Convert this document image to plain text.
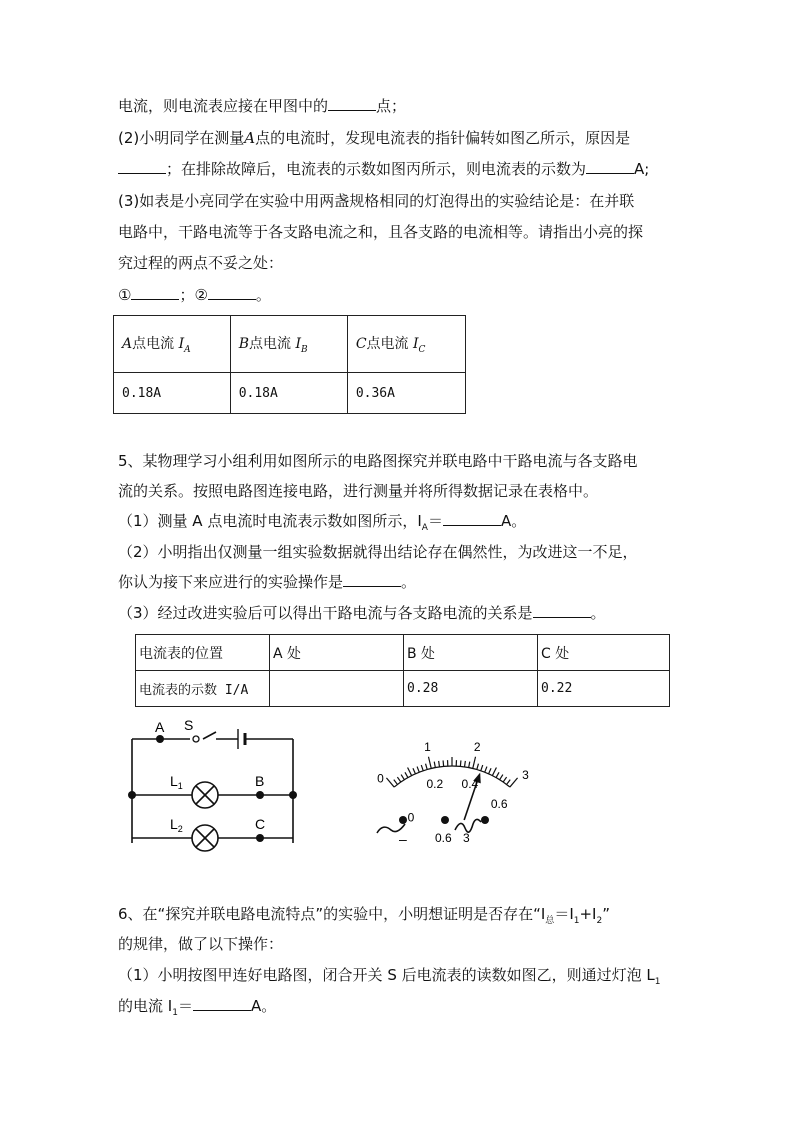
电流，则电流表应接在甲图中的	点；
(2)小明同学在测量A点的电流时，发现电流表的指针偏转如图乙所示，原因是
；在排除故障后，电流表的示数如图丙所示，则电流表的示数为	A;
(3)如表是小亮同学在实验中用两盏规格相同的灯泡得出的实验结论是：在并联
电路中，干路电流等于各支路电流之和，且各支路的电流相等。请指出小亮的探
究过程的两点不妥之处：
①	；②	。
A点电流 $I_A$	B点电流 $I_B$	C点电流 $I_C$
0.18A	0.18A	0.36A
5、某物理学习小组利用如图所示的电路图探究并联电路中干路电流与各支路电
流的关系。按照电路图连接电路，进行测量并将所得数据记录在表格中。
（1）测量 A 点电流时电流表示数如图所示，$I_A=$	A。
（2）小明指出仅测量一组实验数据就得出结论存在偶然性，为改进这一不足，
你认为接下来应进行的实验操作是	。
（3）经过改进实验后可以得出干路电流与各支路电流的关系是	。
电流表的位置	A 处	B 处	C 处
电流表的示数 I/A		0.28	0.22
A S
$L_1$
$L_2$
B
C
0
0
1	2
3
0.2 0.4
0.6
– 0.6 3
6、在“探究并联电路电流特点”的实验中，小明想证明是否存在“$I_总=I_1+I_2$”
的规律，做了以下操作：
（1）小明按图甲连好电路图，闭合开关 S 后电流表的读数如图乙，则通过灯泡 $L_1$
的电流 $I_1=$	A。
